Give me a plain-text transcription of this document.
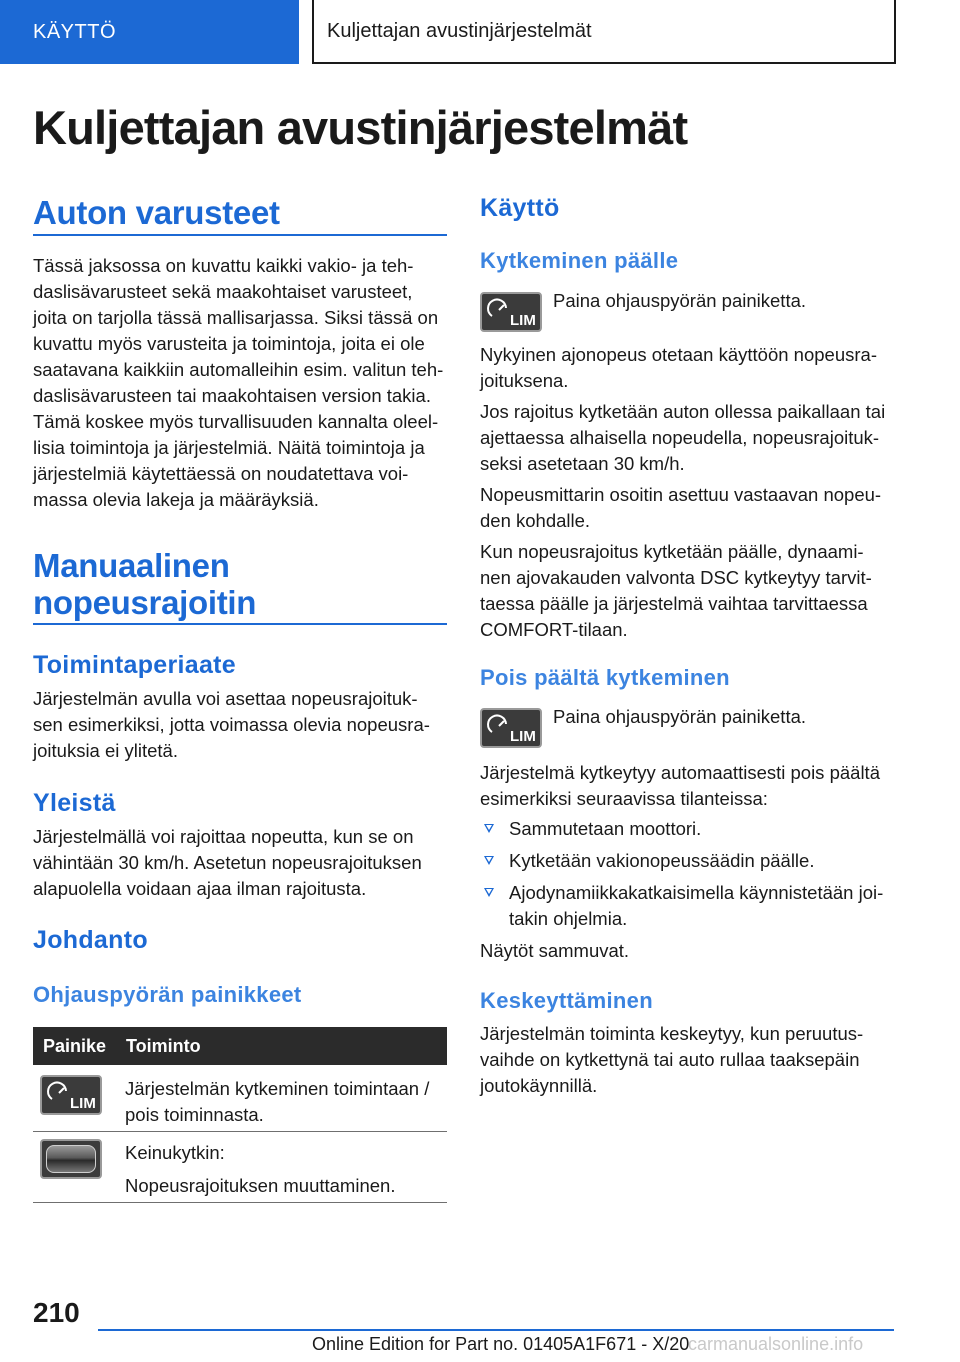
KÄYTTÖ	Kuljettajan avustinjärjestelmät
Kuljettajan avustinjärjestelmät
Auton varusteet
Tässä jaksossa on kuvattu kaikki vakio- ja teh-
daslisävarusteet sekä maakohtaiset varusteet,
joita on tarjolla tässä mallisarjassa. Siksi tässä on
kuvattu myös varusteita ja toimintoja, joita ei ole
saatavana kaikkiin automalleihin esim. valitun teh-
daslisävarusteen tai maakohtaisen version takia.
Tämä koskee myös turvallisuuden kannalta oleel-
lisia toimintoja ja järjestelmiä. Näitä toimintoja ja
järjestelmiä käytettäessä on noudatettava voi-
massa olevia lakeja ja määräyksiä.
Manuaalinen
nopeusrajoitin
Toimintaperiaate
Järjestelmän avulla voi asettaa nopeusrajoituk-
sen esimerkiksi, jotta voimassa olevia nopeusra-
joituksia ei ylitetä.
Yleistä
Järjestelmällä voi rajoittaa nopeutta, kun se on
vähintään 30 km/h. Asetetun nopeusrajoituksen
alapuolella voidaan ajaa ilman rajoitusta.
Johdanto
Ohjauspyörän painikkeet
Painike Toiminto
LIM
Järjestelmän kytkeminen toimintaan /
pois toiminnasta.
Keinukytkin:
Nopeusrajoituksen muuttaminen.
Käyttö
Kytkeminen päälle
LIM
Paina ohjauspyörän painiketta.
Nykyinen ajonopeus otetaan käyttöön nopeusra-
joituksena.
Jos rajoitus kytketään auton ollessa paikallaan tai
ajettaessa alhaisella nopeudella, nopeusrajoituk-
seksi asetetaan 30 km/h.
Nopeusmittarin osoitin asettuu vastaavan nopeu-
den kohdalle.
Kun nopeusrajoitus kytketään päälle, dynaami-
nen ajovakauden valvonta DSC kytkeytyy tarvit-
taessa päälle ja järjestelmä vaihtaa tarvittaessa
COMFORT-tilaan.
Pois päältä kytkeminen
LIM
Paina ohjauspyörän painiketta.
Järjestelmä kytkeytyy automaattisesti pois päältä
esimerkiksi seuraavissa tilanteissa:
Sammutetaan moottori.
Kytketään vakionopeussäädin päälle.
Ajodynamiikkakatkaisimella käynnistetään joi-
takin ohjelmia.
Näytöt sammuvat.
Keskeyttäminen
Järjestelmän toiminta keskeytyy, kun peruutus-
vaihde on kytkettynä tai auto rullaa taaksepäin
joutokäynnillä.
210
Online Edition for Part no. 01405A1F671 - X/20
carmanualsonline.info
